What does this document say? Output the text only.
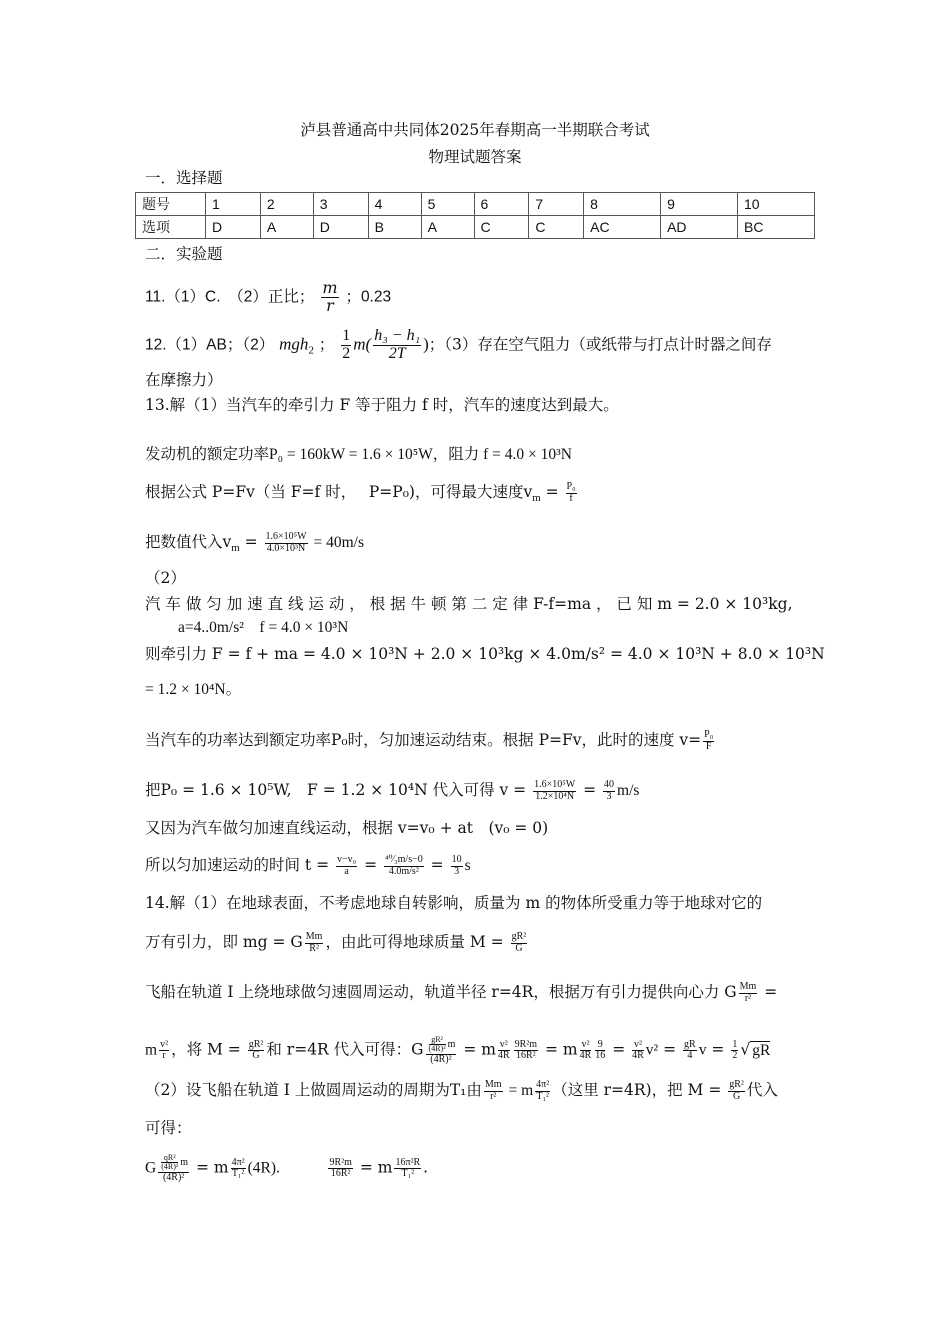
泸县普通高中共同体2025年春期高一半期联合考试
物理试题答案
一．选择题
题号	1	2	3	4	5	6	7	8	9	10
选项	D	A	D	B	A	C	C	AC	AD	BC
二．实验题
11.（1）C.　（2）正比； $\frac{m}{r}$ ；0.23
12.（1）AB；（2） mgh$_2$ ； $\frac{1}{2} m( \frac{\text{h₃ − h₁}}{2T}$ )；（3）存在空气阻力（或纸带与打点计时器之间存
在摩擦力）
13.解（1）当汽车的牵引力 F 等于阻力 f 时，汽车的速度达到最大。
发动机的额定功率P₀ = 160kW = 1.6 × 10⁵W，阻力 f = 4.0 × 10³N
根据公式 P=Fv（当 F=f 时，　 P=P₀)，可得最大速度$v_m = \frac{\text{P₀}}{f}$
把数值代入$v_m = \frac{\text{1.6×10⁵W}}{\text{4.0×10³N}} = 40m/s$
（2）
汽 车 做 匀 加 速 直 线 运 动 ， 根 据 牛 顿 第 二 定 律 F-f=ma ， 已 知 m = 2.0 × 10³kg,
a=4..0m/s²　f = 4.0 × 10³N
则牵引力 F = f + ma = 4.0 × 10³N + 2.0 × 10³kg × 4.0m/s² = 4.0 × 10³N + 8.0 × 10³N
= 1.2 × 10⁴N。
当汽车的功率达到额定功率P₀时，匀加速运动结束。根据 P=Fv，此时的速度 $v= \frac{\text{P₀}}{F}$
把P₀ = 1.6 × 10⁵W,　F = 1.2 × 10⁴N 代入可得 $v = \frac{\text{1.6×10⁵W}}{\text{1.2×10⁴N}} = \frac{40}{3} m/s$
又因为汽车做匀加速直线运动，根据 v=v₀ + at　(v₀ = 0)
所以匀加速运动的时间 $t = \frac{\text{v−v₀}}{a} = \frac{\text{⁴⁰⁄₃m/s−0}}{\text{4.0m/s²}} = \frac{10}{3}$ s
14.解（1）在地球表面，不考虑地球自转影响，质量为 m 的物体所受重力等于地球对它的
万有引力，即 mg = G $\frac{Mm}{\text{R²}}$ ，由此可得地球质量 $M = \frac{\text{gR²}}{G}$
飞船在轨道 I 上绕地球做匀速圆周运动，轨道半径 r=4R，根据万有引力提供向心力 G $\frac{Mm}{\text{r²}}$ =
m $\frac{\text{v²}}{r}$ ，将 $M = \frac{\text{gR²}}{G}$ 和 r=4R 代入可得：G $\frac{\frac{\text{gR²}}{\text{(4R)²}} m}{\text{(4R)²}} = m \frac{\text{v²}}{4R} \frac{\text{9R²m}}{\text{16R²}} = m \frac{\text{v²}}{4R} \frac{9}{16} = \frac{\text{v²}}{4R} v^2 = \frac{gR}{4}$ $v = \frac{1}{2}$ √ gR
（2）设飞船在轨道 I 上做圆周运动的周期为T₁由 $\frac{Mm}{\text{r²}} = m \frac{\text{4π²}}{\text{T₁²}}$ （这里 r=4R)，把 $M = \frac{\text{gR²}}{G}$ 代入
可得：
G $\frac{\frac{\text{qR²}}{\text{(4R)²}} m}{\text{(4R)²}} = m \frac{\text{4π²}}{\text{T₁²}} (4R)$.　　　	$\frac{\text{9R²m}}{\text{16R²}} = m \frac{\text{16π²R}}{\text{T₁²}}$ .
